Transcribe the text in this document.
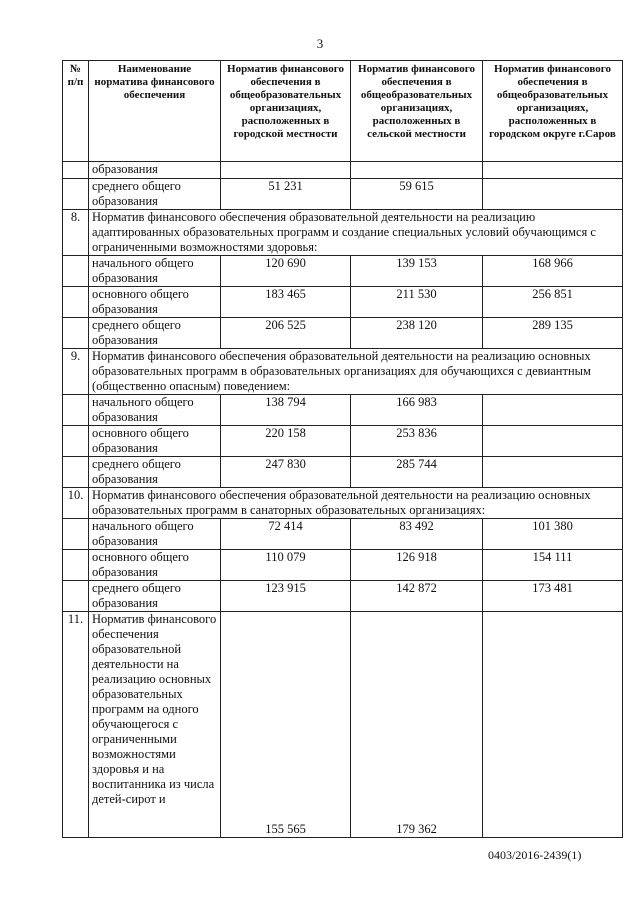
3
№ п/п	Наименование норматива финансового обеспечения	Норматив финансового обеспечения в общеобразовательных организациях, расположенных в городской местности	Норматив финансового обеспечения в общеобразовательных организациях, расположенных в сельской местности	Норматив финансового обеспечения в общеобразовательных организациях, расположенных в городском округе г.Саров
	образования			
	среднего общего образования	51 231	59 615	
8.	Норматив финансового обеспечения образовательной деятельности на реализацию адаптированных образовательных программ и создание специальных условий обучающимся с ограниченными возможностями здоровья:			
	начального общего образования	120 690	139 153	168 966
	основного общего образования	183 465	211 530	256 851
	среднего общего образования	206 525	238 120	289 135
9.	Норматив финансового обеспечения образовательной деятельности на реализацию основных образовательных программ в образовательных организациях для обучающихся с девиантным (общественно опасным) поведением:			
	начального общего образования	138 794	166 983	
	основного общего образования	220 158	253 836	
	среднего общего образования	247 830	285 744	
10.	Норматив финансового обеспечения образовательной деятельности на реализацию основных образовательных программ в санаторных образовательных организациях:			
	начального общего образования	72 414	83 492	101 380
	основного общего образования	110 079	126 918	154 111
	среднего общего образования	123 915	142 872	173 481
11.	Норматив финансового обеспечения образовательной деятельности на реализацию основных образовательных программ на одного обучающегося с ограниченными возможностями здоровья и на воспитанника из числа детей-сирот и	155 565	179 362	
0403/2016-2439(1)
